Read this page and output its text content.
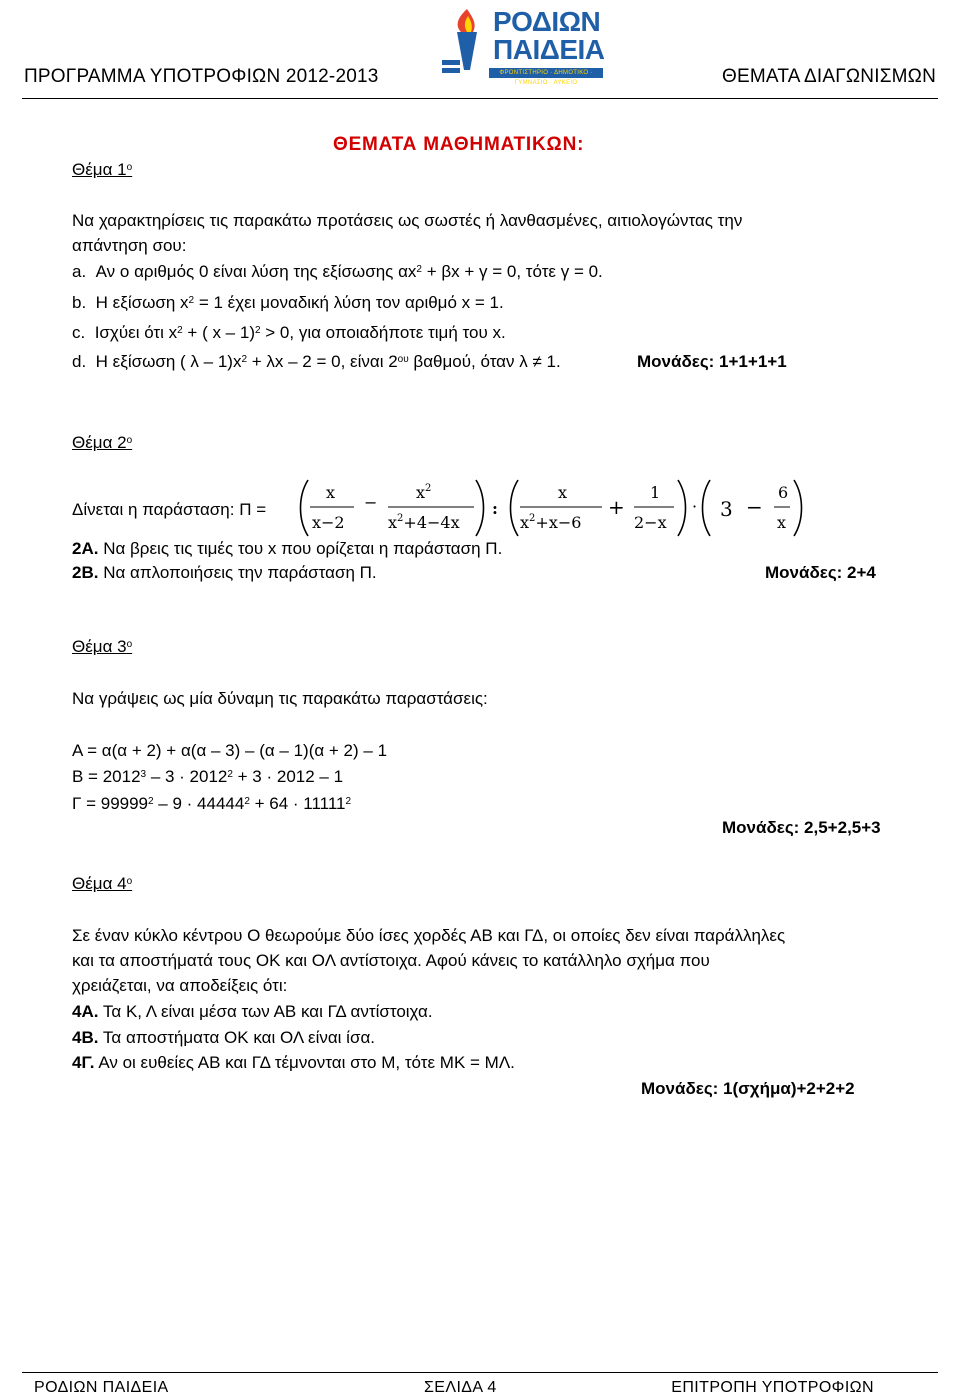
ΠΡΟΓΡΑΜΜΑ ΥΠΟΤΡΟΦΙΩΝ 2012-2013	ΘΕΜΑΤΑ ΔΙΑΓΩΝΙΣΜΩΝ
ΡΟΔΙΩΝ
ΠΑΙΔΕΙΑ
ΦΡΟΝΤΙΣΤΗΡΙΟ · ΔΗΜΟΤΙΚΟ · ΓΥΜΝΑΣΙΟ · ΛΥΚΕΙΟ
ΘΕΜΑΤΑ ΜΑΘΗΜΑΤΙΚΩΝ:
Θέμα $1^o$
Να χαρακτηρίσεις τις παρακάτω προτάσεις ως σωστές ή λανθασμένες, αιτιολογώντας την
απάντηση σου:
a. Αν ο αριθμός 0 είναι λύση της εξίσωσης $\alpha x^2 + \beta x + \gamma = 0$, τότε γ = 0.
b. Η εξίσωση $x^2 = 1$ έχει μοναδική λύση τον αριθμό x = 1.
c. Ισχύει ότι $x^2$ + ( x – 1)$^2$ > 0, για οποιαδήποτε τιμή του x.
d. Η εξίσωση ( $\lambda - 1)x^2 + \lambda x - 2 = 0$, είναι $2^{o\upsilon}$ βαθμού, όταν λ ≠ 1.	Μονάδες: 1+1+1+1
Θέμα $2^o$
Δίνεται η παράσταση: Π =
x
x−2
−
$x^2$
$x^2+4-4x$
:
x
$x^2+x-6$
+
1
2−x
· 3 −
6
x
2Α. Να βρεις τις τιμές του x που ορίζεται η παράσταση Π.
2Β. Να απλοποιήσεις την παράσταση Π.	Μονάδες: 2+4
Θέμα $3^o$
Να γράψεις ως μία δύναμη τις παρακάτω παραστάσεις:
Α = α(α + 2) + α(α – 3) – (α – 1)(α + 2) – 1
$B = 2012^3 - 3 \cdot 2012^2 + 3 \cdot 2012 - 1$
$\Gamma = 99999^2 - 9 \cdot 44444^2 + 64 \cdot 11111^2$
Μονάδες: 2,5+2,5+3
Θέμα $4^o$
Σε έναν κύκλο κέντρου Ο θεωρούμε δύο ίσες χορδές ΑΒ και ΓΔ, οι οποίες δεν είναι παράλληλες
και τα αποστήματά τους ΟΚ και ΟΛ αντίστοιχα. Αφού κάνεις το κατάλληλο σχήμα που
χρειάζεται, να αποδείξεις ότι:
4Α. Τα Κ, Λ είναι μέσα των ΑΒ και ΓΔ αντίστοιχα.
4Β. Τα αποστήματα ΟΚ και ΟΛ είναι ίσα.
4Γ. Αν οι ευθείες ΑΒ και ΓΔ τέμνονται στο Μ, τότε ΜΚ = ΜΛ.
Μονάδες: 1(σχήμα)+2+2+2
ΡΟΔΙΩΝ ΠΑΙΔΕΙΑ	ΣΕΛΙΔΑ 4	ΕΠΙΤΡΟΠΗ ΥΠΟΤΡΟΦΙΩΝ
